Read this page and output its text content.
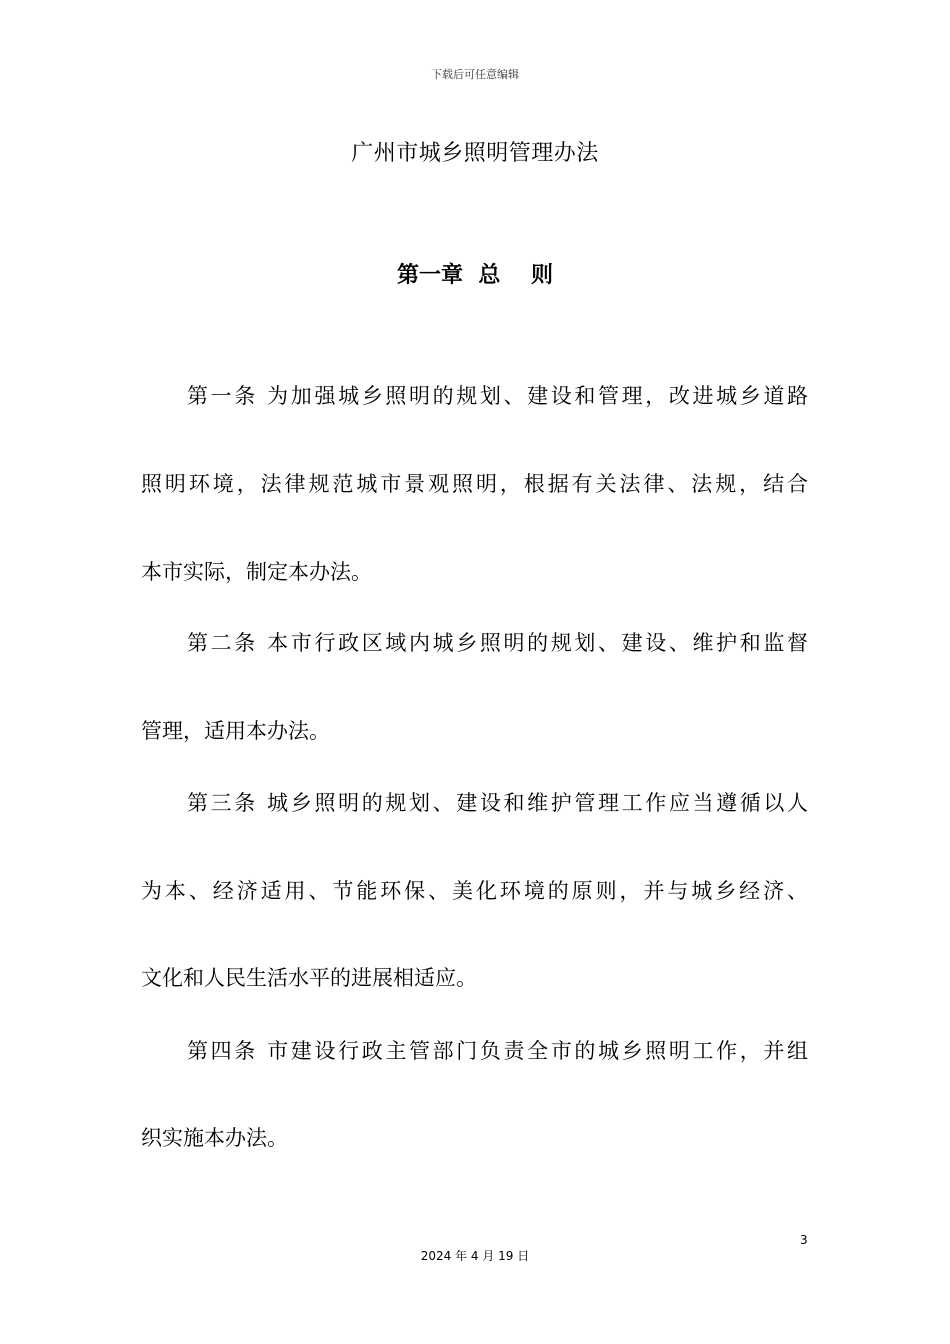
下载后可任意编辑
广州市城乡照明管理办法
第一章 总    则
第一条 为加强城乡照明的规划、建设和管理，改进城乡道路
照明环境，法律规范城市景观照明，根据有关法律、法规，结合
本市实际，制定本办法。
第二条 本市行政区域内城乡照明的规划、建设、维护和监督
管理，适用本办法。
第三条 城乡照明的规划、建设和维护管理工作应当遵循以人
为本、经济适用、节能环保、美化环境的原则，并与城乡经济、
文化和人民生活水平的进展相适应。
第四条 市建设行政主管部门负责全市的城乡照明工作，并组
织实施本办法。
3
2024 年 4 月 19 日
